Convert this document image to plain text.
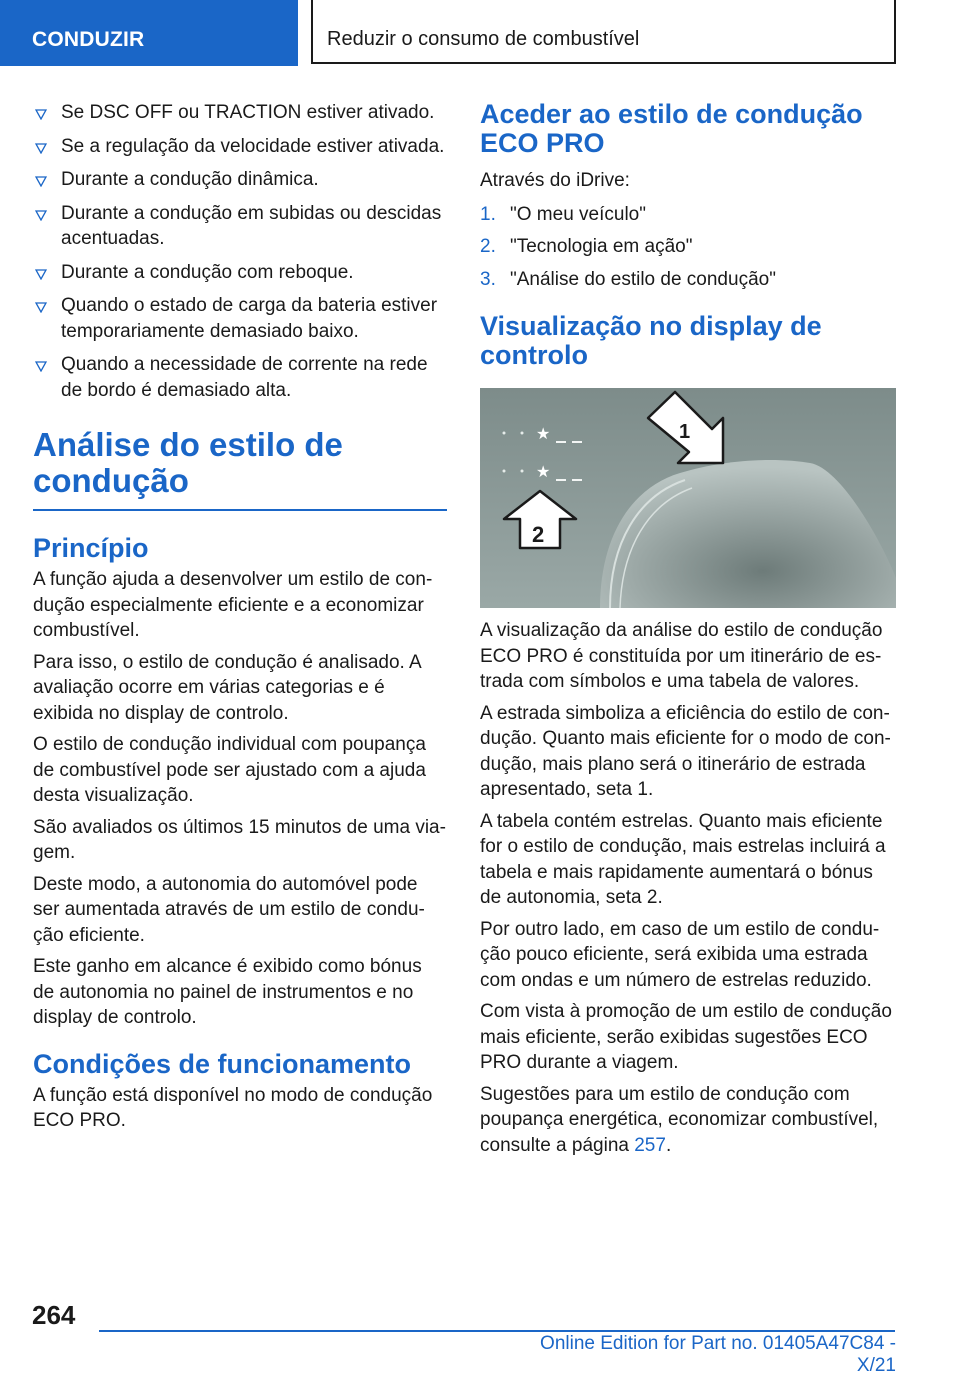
CONDUZIR	Reduzir o consumo de combustível
Se DSC OFF ou TRACTION estiver ativado.
Se a regulação da velocidade estiver ativada.
Durante a condução dinâmica.
Durante a condução em subidas ou descidas acentuadas.
Durante a condução com reboque.
Quando o estado de carga da bateria estiver temporariamente demasiado baixo.
Quando a necessidade de corrente na rede de bordo é demasiado alta.
Análise do estilo de condução
Princípio

A função ajuda a desenvolver um estilo de condução especialmente eficiente e a economizar combustível.

Para isso, o estilo de condução é analisado. A avaliação ocorre em várias categorias e é exibida no display de controlo.

O estilo de condução individual com poupança de combustível pode ser ajustado com a ajuda desta visualização.

São avaliados os últimos 15 minutos de uma viagem.

Deste modo, a autonomia do automóvel pode ser aumentada através de um estilo de condução eficiente.

Este ganho em alcance é exibido como bónus de autonomia no painel de instrumentos e no display de controlo.

Condições de funcionamento

A função está disponível no modo de condução ECO PRO.

Aceder ao estilo de condução ECO PRO

Através do iDrive:

1. "O meu veículo"
2. "Tecnologia em ação"
3. "Análise do estilo de condução"
Visualização no display de controlo
★
★
1
2

A visualização da análise do estilo de condução ECO PRO é constituída por um itinerário de estrada com símbolos e uma tabela de valores.

A estrada simboliza a eficiência do estilo de condução. Quanto mais eficiente for o modo de condução, mais plano será o itinerário de estrada apresentado, seta 1.

A tabela contém estrelas. Quanto mais eficiente for o estilo de condução, mais estrelas incluirá a tabela e mais rapidamente aumentará o bónus de autonomia, seta 2.

Por outro lado, em caso de um estilo de condução pouco eficiente, será exibida uma estrada com ondas e um número de estrelas reduzido.

Com vista à promoção de um estilo de condução mais eficiente, serão exibidas sugestões ECO PRO durante a viagem.

Sugestões para um estilo de condução com poupança energética, economizar combustível, consulte a página 257.

264
Online Edition for Part no. 01405A47C84 - X/21
